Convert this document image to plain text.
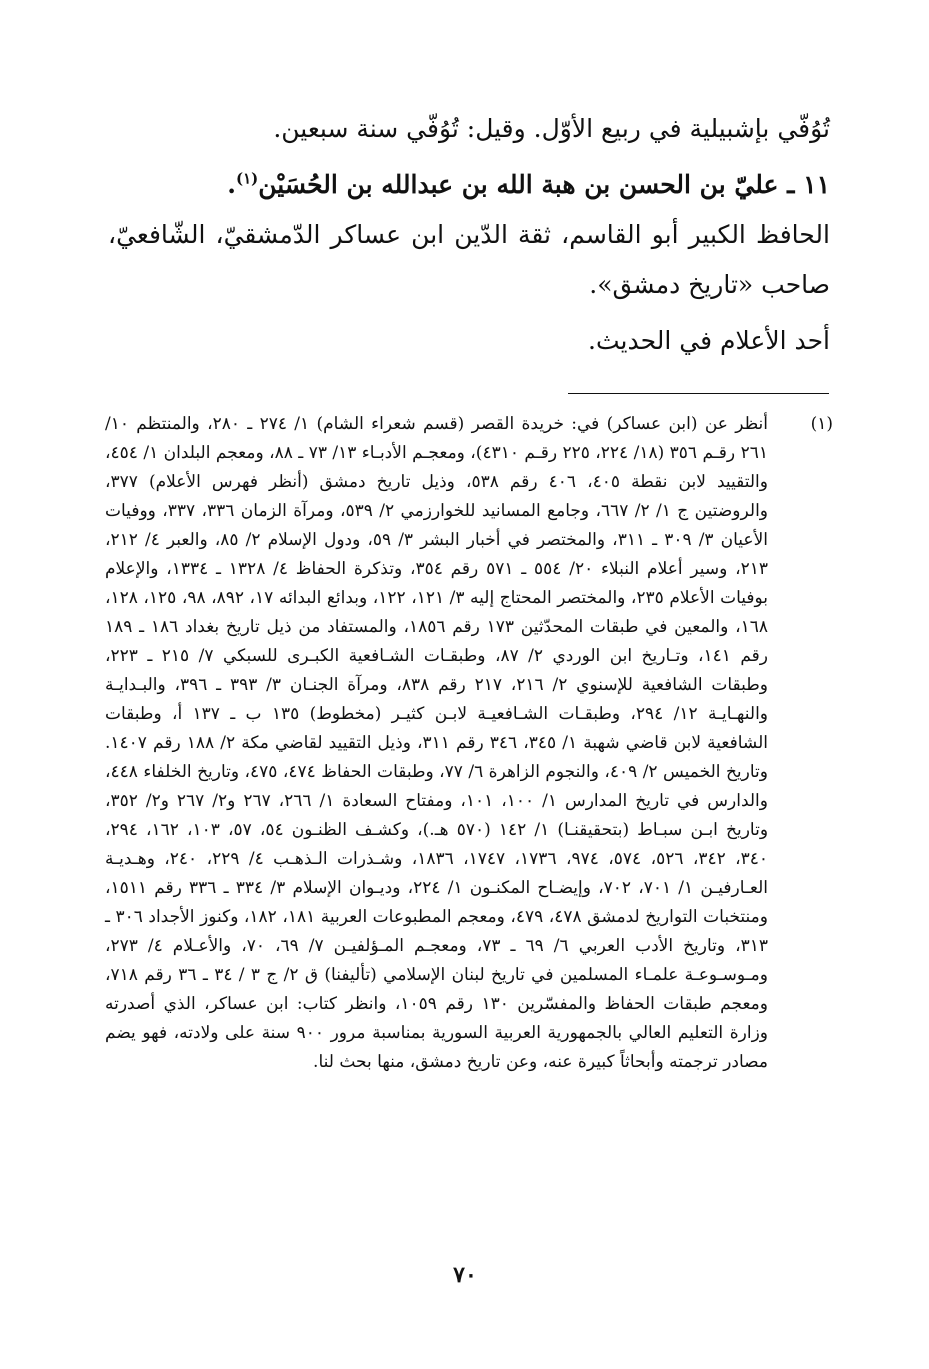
تُوُفّي بإشبيلية في ربيع الأوّل. وقيل: تُوُفّي سنة سبعين.

١١ ـ عليّ بن الحسن بن هبة الله بن عبدالله بن الحُسَيْن$^{(١)}$.

الحافظ الكبير أبو القاسم، ثقة الدّين ابن عساكر الدّمشقيّ، الشّافعيّ، صاحب «تاريخ دمشق».

أحد الأعلام في الحديث.

(١)
أنظر عن (ابن عساكر) في: خريدة القصر (قسم شعراء الشام) ١/ ٢٧٤ ـ ٢٨٠، والمنتظم ١٠/ ٢٦١ رقـم ٣٥٦ (١٨/ ٢٢٤، ٢٢٥ رقـم ٤٣١٠)، ومعجـم الأدبـاء ١٣/ ٧٣ ـ ٨٨، ومعجم البلدان ١/ ٤٥٤، والتقييد لابن نقطة ٤٠٥، ٤٠٦ رقم ٥٣٨، وذيل تاريخ دمشق (أنظر فهرس الأعلام) ٣٧٧، والروضتين ج ١/ ٢/ ٦٦٧، وجامع المسانيد للخوارزمي ٢/ ٥٣٩، ومرآة الزمان ٣٣٦، ٣٣٧، ووفيات الأعيان ٣/ ٣٠٩ ـ ٣١١، والمختصر في أخبار البشر ٣/ ٥٩، ودول الإسلام ٢/ ٨٥، والعبر ٤/ ٢١٢، ٢١٣، وسير أعلام النبلاء ٢٠/ ٥٥٤ ـ ٥٧١ رقم ٣٥٤، وتذكرة الحفاظ ٤/ ١٣٢٨ ـ ١٣٣٤، والإعلام بوفيات الأعلام ٢٣٥، والمختصر المحتاج إليه ٣/ ١٢١، ١٢٢، وبدائع البدائه ١٧، ٨٩٢، ٩٨، ١٢٥، ١٢٨، ١٦٨، والمعين في طبقات المحدّثين ١٧٣ رقم ١٨٥٦، والمستفاد من ذيل تاريخ بغداد ١٨٦ ـ ١٨٩ رقم ١٤١، وتـاريخ ابن الوردي ٢/ ٨٧، وطبقـات الشـافعية الكبـرى للسبكي ٧/ ٢١٥ ـ ٢٢٣، وطبقات الشافعية للإسنوي ٢/ ٢١٦، ٢١٧ رقم ٨٣٨، ومرآة الجنـان ٣/ ٣٩٣ ـ ٣٩٦، والبـدايـة والنهـايـة ١٢/ ٢٩٤، وطبقـات الشـافعيـة لابـن كثيـر (مخطوط) ١٣٥ ب ـ ١٣٧ أ، وطبقات الشافعية لابن قاضي شهبة ١/ ٣٤٥، ٣٤٦ رقم ٣١١، وذيل التقييد لقاضي مكة ٢/ ١٨٨ رقم ١٤٠٧. وتاريخ الخميس ٢/ ٤٠٩، والنجوم الزاهرة ٦/ ٧٧، وطبقات الحفاظ ٤٧٤، ٤٧٥، وتاريخ الخلفاء ٤٤٨، والدارس في تاريخ المدارس ١/ ١٠٠، ١٠١، ومفتاح السعادة ١/ ٢٦٦، ٢٦٧ و٢/ ٢٦٧ و٢/ ٣٥٢، وتاريخ ابـن سبـاط (بتحقيقنـا) ١/ ١٤٢ (٥٧٠ هـ.)، وكشـف الظنـون ٥٤، ٥٧، ١٠٣، ١٦٢، ٢٩٤، ٣٤٠، ٣٤٢، ٥٢٦، ٥٧٤، ٩٧٤، ١٧٣٦، ١٧٤٧، ١٨٣٦، وشـذرات الـذهـب ٤/ ٢٢٩، ٢٤٠، وهـديـة العـارفيـن ١/ ٧٠١، ٧٠٢، وإيضـاح المكنـون ١/ ٢٢٤، وديـوان الإسلام ٣/ ٣٣٤ ـ ٣٣٦ رقم ١٥١١، ومنتخبات التواريخ لدمشق ٤٧٨، ٤٧٩، ومعجم المطبوعات العربية ١٨١، ١٨٢، وكنوز الأجداد ٣٠٦ ـ ٣١٣، وتاريخ الأدب العربي ٦/ ٦٩ ـ ٧٣، ومعجـم المـؤلفيـن ٧/ ٦٩، ٧٠، والأعـلام ٤/ ٢٧٣، ومـوسـوعـة علمـاء المسلمين في تاريخ لبنان الإسلامي (تأليفنا) ق ٢/ ج ٣ / ٣٤ ـ ٣٦ رقم ٧١٨، ومعجم طبقات الحفاظ والمفسّرين ١٣٠ رقم ١٠٥٩، وانظر كتاب: ابن عساكر، الذي أصدرته وزارة التعليم العالي بالجمهورية العربية السورية بمناسبة مرور ٩٠٠ سنة على ولادته، فهو يضم مصادر ترجمته وأبحاثاً كبيرة عنه، وعن تاريخ دمشق، منها بحث لنا.
٧٠
